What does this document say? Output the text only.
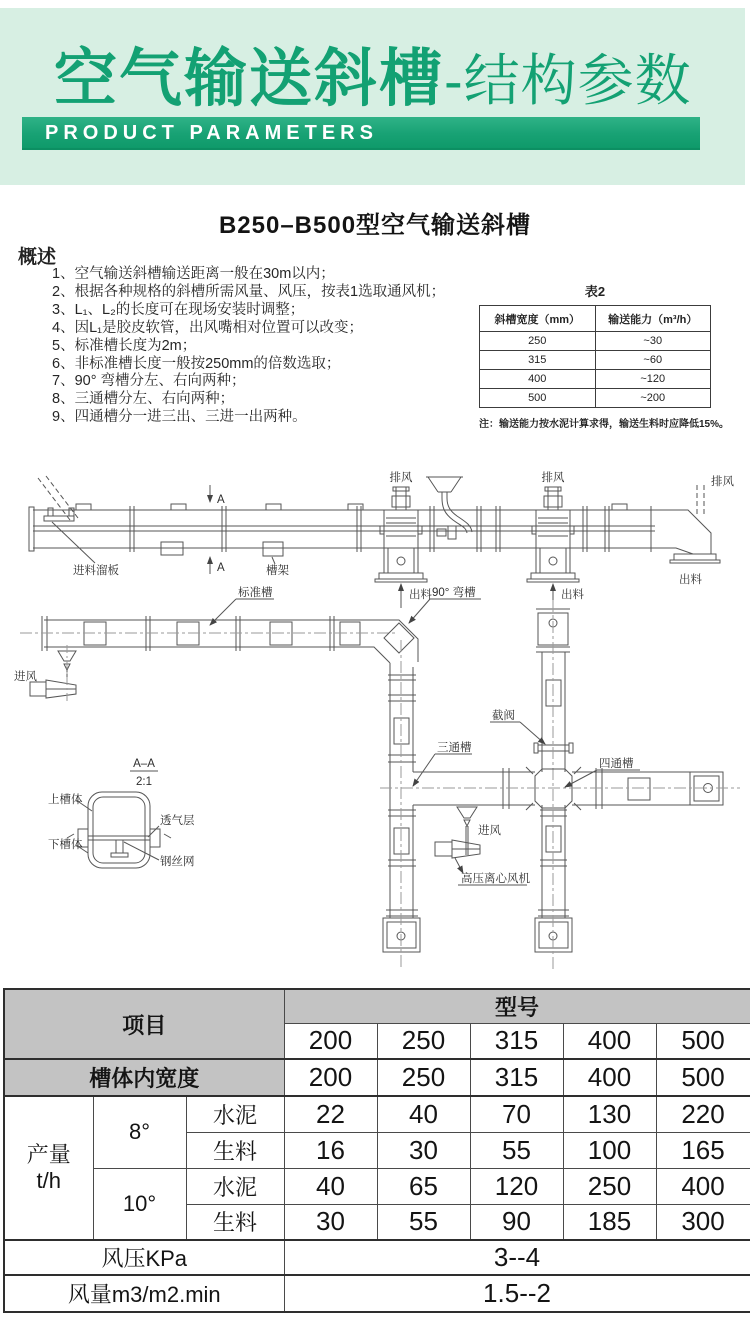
空气输送斜槽-结构参数
PRODUCT PARAMETERS
B250–B500型空气输送斜槽
概述
1、空气输送斜槽输送距离一般在30m以内；
2、根据各种规格的斜槽所需风量、风压，按表1选取通风机；
3、L₁、L₂的长度可在现场安装时调整；
4、因L₁是胶皮软管，出风嘴相对位置可以改变；
5、标准槽长度为2m；
6、非标准槽长度一般按250mm的倍数选取；
7、90° 弯槽分左、右向两种；
8、三通槽分左、右向两种；
9、四通槽分一进三出、三进一出两种。
表2
斜槽宽度（mm）	输送能力（m³/h）
250	~30
315	~60
400	~120
500	~200
注：输送能力按水泥计算求得，输送生料时应降低15%。
排风	排风	排风
A
A
进料溜板	槽架
出料	出料
出料
标准槽	90° 弯槽
进风
进风
截阀
三通槽
四通槽
A–A
2:1
上槽体
透气层
下槽体
钢丝网
高压离心风机
项目			型号				
			200	250	315	400	500
槽体内宽度			200	250	315	400	500

产量
t/h	8°	水泥	22	40	70	130	220
		生料	16	30	55	100	165
	10°	水泥	40	65	120	250	400
		生料	30	55	90	185	300
风压KPa			3--4				
风量m3/m2.min			1.5--2				
